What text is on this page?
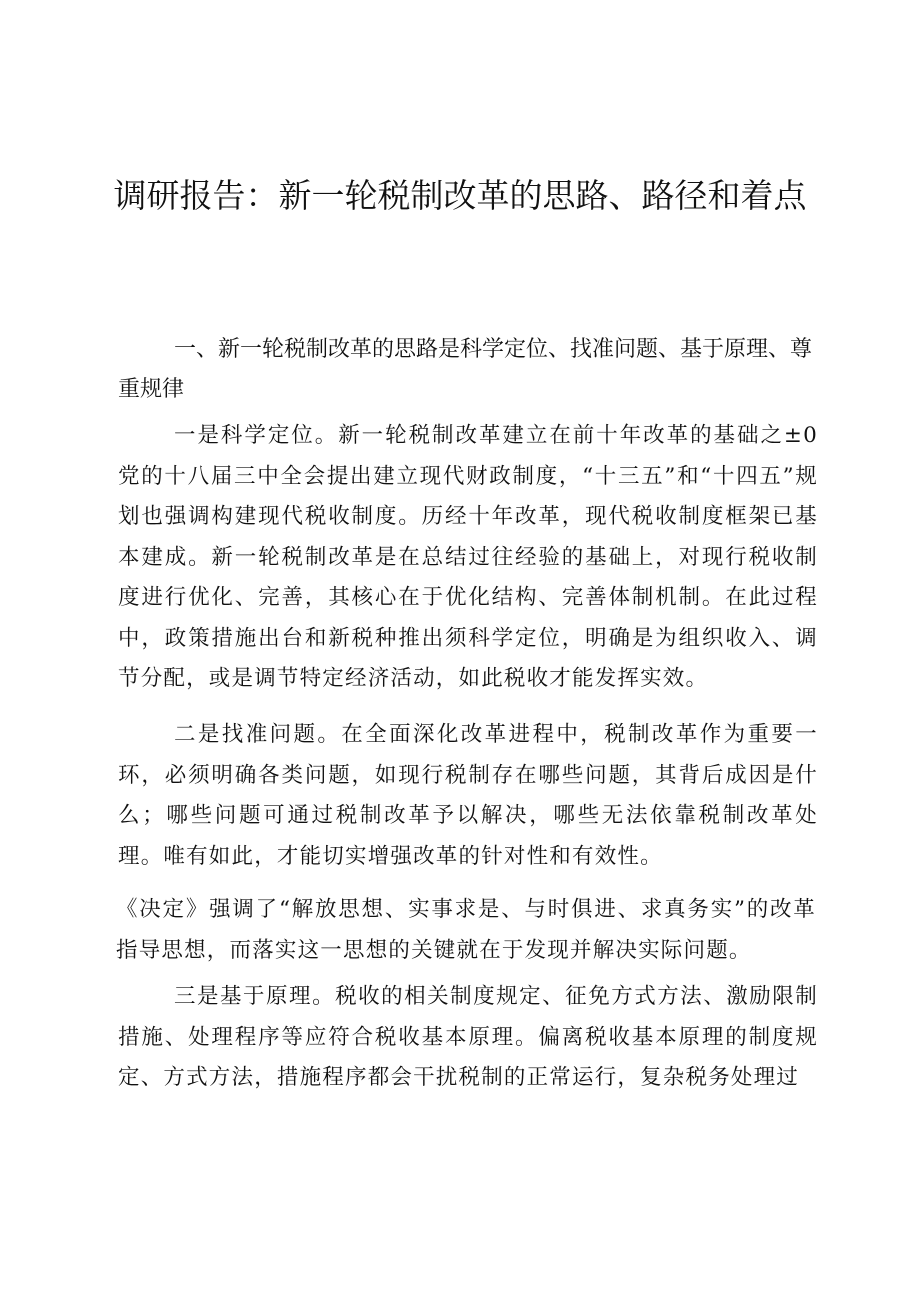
调研报告：新一轮税制改革的思路、路径和着点

一、新一轮税制改革的思路是科学定位、找准问题、基于原理、尊重规律

一是科学定位。新一轮税制改革建立在前十年改革的基础之±0党的十八届三中全会提出建立现代财政制度，“十三五”和“十四五”规划也强调构建现代税收制度。历经十年改革，现代税收制度框架已基本建成。新一轮税制改革是在总结过往经验的基础上，对现行税收制度进行优化、完善，其核心在于优化结构、完善体制机制。在此过程中，政策措施出台和新税种推出须科学定位，明确是为组织收入、调节分配，或是调节特定经济活动，如此税收才能发挥实效。

二是找准问题。在全面深化改革进程中，税制改革作为重要一环，必须明确各类问题，如现行税制存在哪些问题，其背后成因是什么；哪些问题可通过税制改革予以解决，哪些无法依靠税制改革处理。唯有如此，才能切实增强改革的针对性和有效性。

《决定》强调了“解放思想、实事求是、与时俱进、求真务实”的改革指导思想，而落实这一思想的关键就在于发现并解决实际问题。

三是基于原理。税收的相关制度规定、征免方式方法、激励限制措施、处理程序等应符合税收基本原理。偏离税收基本原理的制度规定、方式方法，措施程序都会干扰税制的正常运行，复杂税务处理过
